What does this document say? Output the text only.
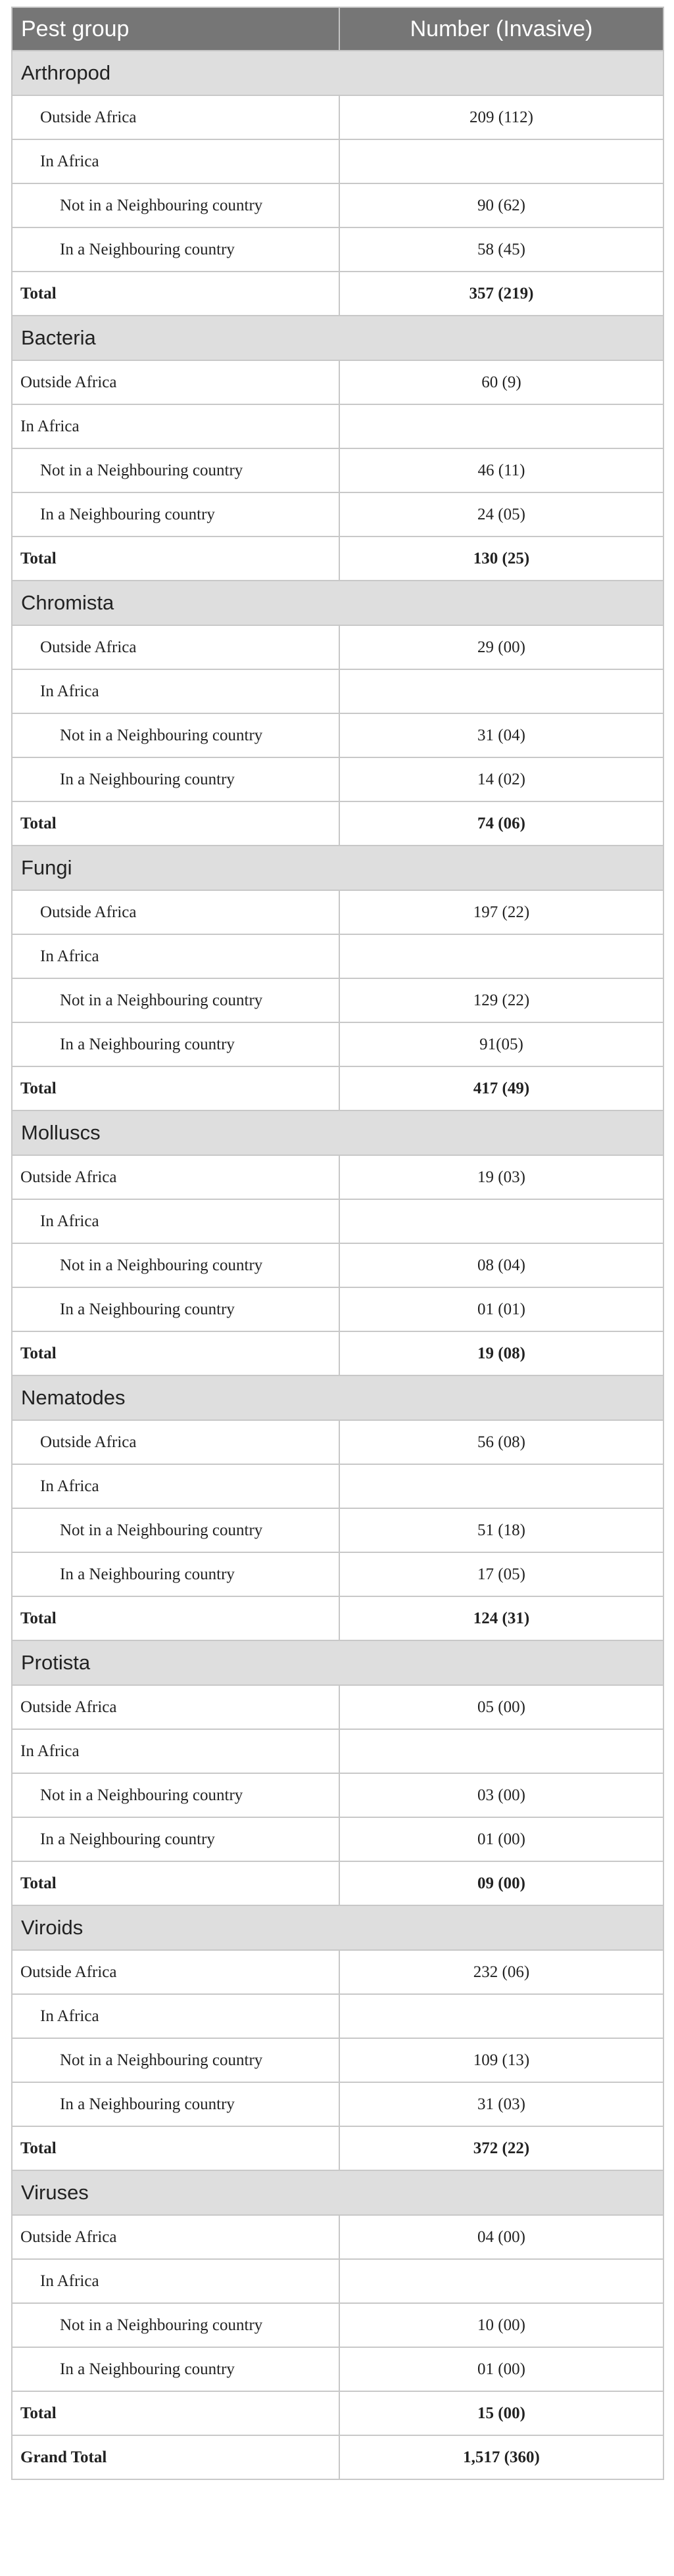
Pest group	Number (Invasive)
Arthropod	
Outside Africa	209 (112)
In Africa	
Not in a Neighbouring country	90 (62)
In a Neighbouring country	58 (45)
Total	357 (219)
Bacteria	
Outside Africa	60 (9)
In Africa	
Not in a Neighbouring country	46 (11)
In a Neighbouring country	24 (05)
Total	130 (25)
Chromista	
Outside Africa	29 (00)
In Africa	
Not in a Neighbouring country	31 (04)
In a Neighbouring country	14 (02)
Total	74 (06)
Fungi	
Outside Africa	197 (22)
In Africa	
Not in a Neighbouring country	129 (22)
In a Neighbouring country	91(05)
Total	417 (49)
Molluscs	
Outside Africa	19 (03)
In Africa	
Not in a Neighbouring country	08 (04)
In a Neighbouring country	01 (01)
Total	19 (08)
Nematodes	
Outside Africa	56 (08)
In Africa	
Not in a Neighbouring country	51 (18)
In a Neighbouring country	17 (05)
Total	124 (31)
Protista	
Outside Africa	05 (00)
In Africa	
Not in a Neighbouring country	03 (00)
In a Neighbouring country	01 (00)
Total	09 (00)
Viroids	
Outside Africa	232 (06)
In Africa	
Not in a Neighbouring country	109 (13)
In a Neighbouring country	31 (03)
Total	372 (22)
Viruses	
Outside Africa	04 (00)
In Africa	
Not in a Neighbouring country	10 (00)
In a Neighbouring country	01 (00)
Total	15 (00)
Grand Total	1,517 (360)
